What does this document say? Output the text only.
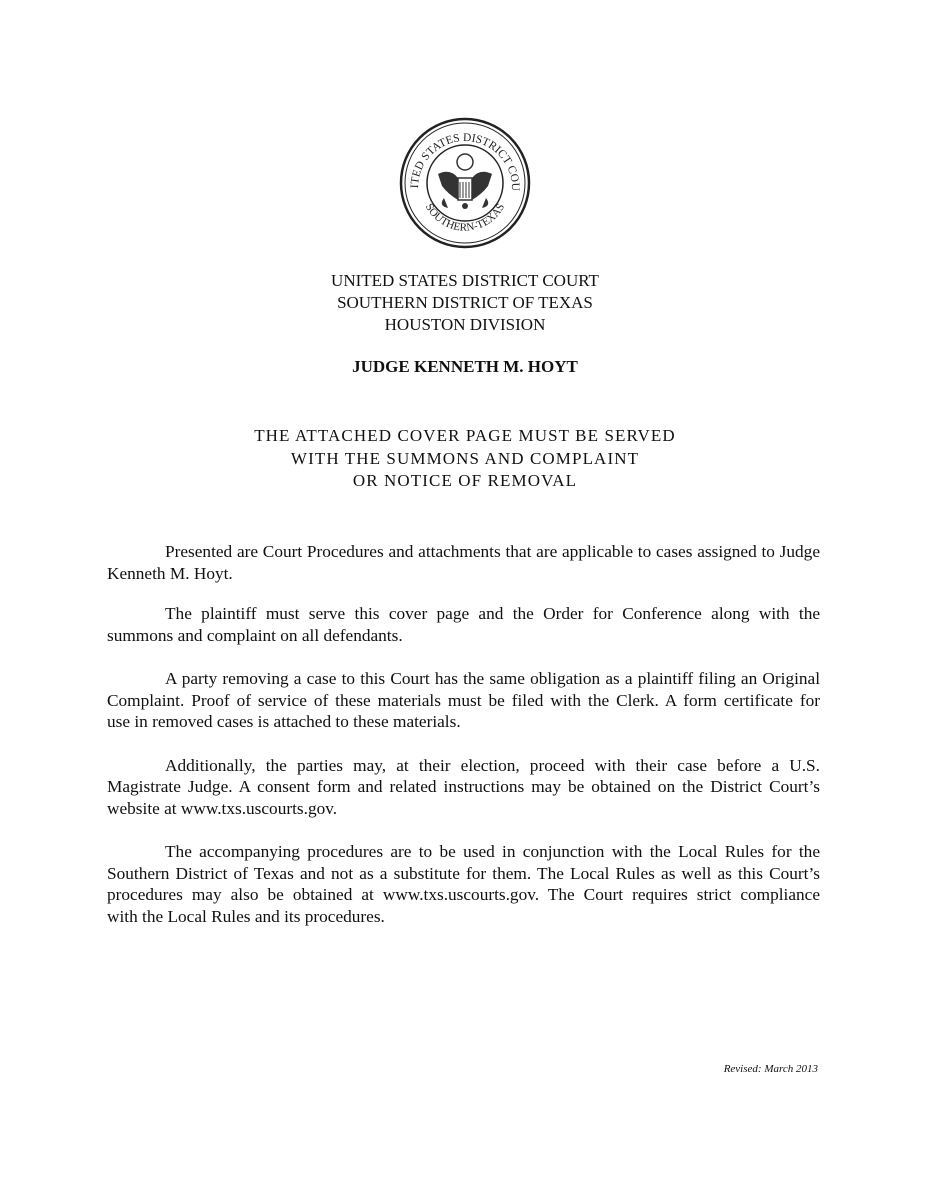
ITED STATES DISTRICT COU
SOUTHERN-TEXAS
UNITED STATES DISTRICT COURT
SOUTHERN DISTRICT OF TEXAS
HOUSTON DIVISION
JUDGE KENNETH M. HOYT
THE ATTACHED COVER PAGE MUST BE SERVED
WITH THE SUMMONS AND COMPLAINT
OR NOTICE OF REMOVAL
Presented are Court Procedures and attachments that are applicable to cases assigned to Judge
Kenneth M. Hoyt.
The plaintiff must serve this cover page and the Order for Conference along with the
summons and complaint on all defendants.
A party removing a case to this Court has the same obligation as a plaintiff filing an Original
Complaint. Proof of service of these materials must be filed with the Clerk. A form certificate for
use in removed cases is attached to these materials.
Additionally, the parties may, at their election, proceed with their case before a U.S.
Magistrate Judge. A consent form and related instructions may be obtained on the District Court’s
website at www.txs.uscourts.gov.
The accompanying procedures are to be used in conjunction with the Local Rules for the
Southern District of Texas and not as a substitute for them. The Local Rules as well as this Court’s
procedures may also be obtained at www.txs.uscourts.gov. The Court requires strict compliance
with the Local Rules and its procedures.
Revised: March 2013
